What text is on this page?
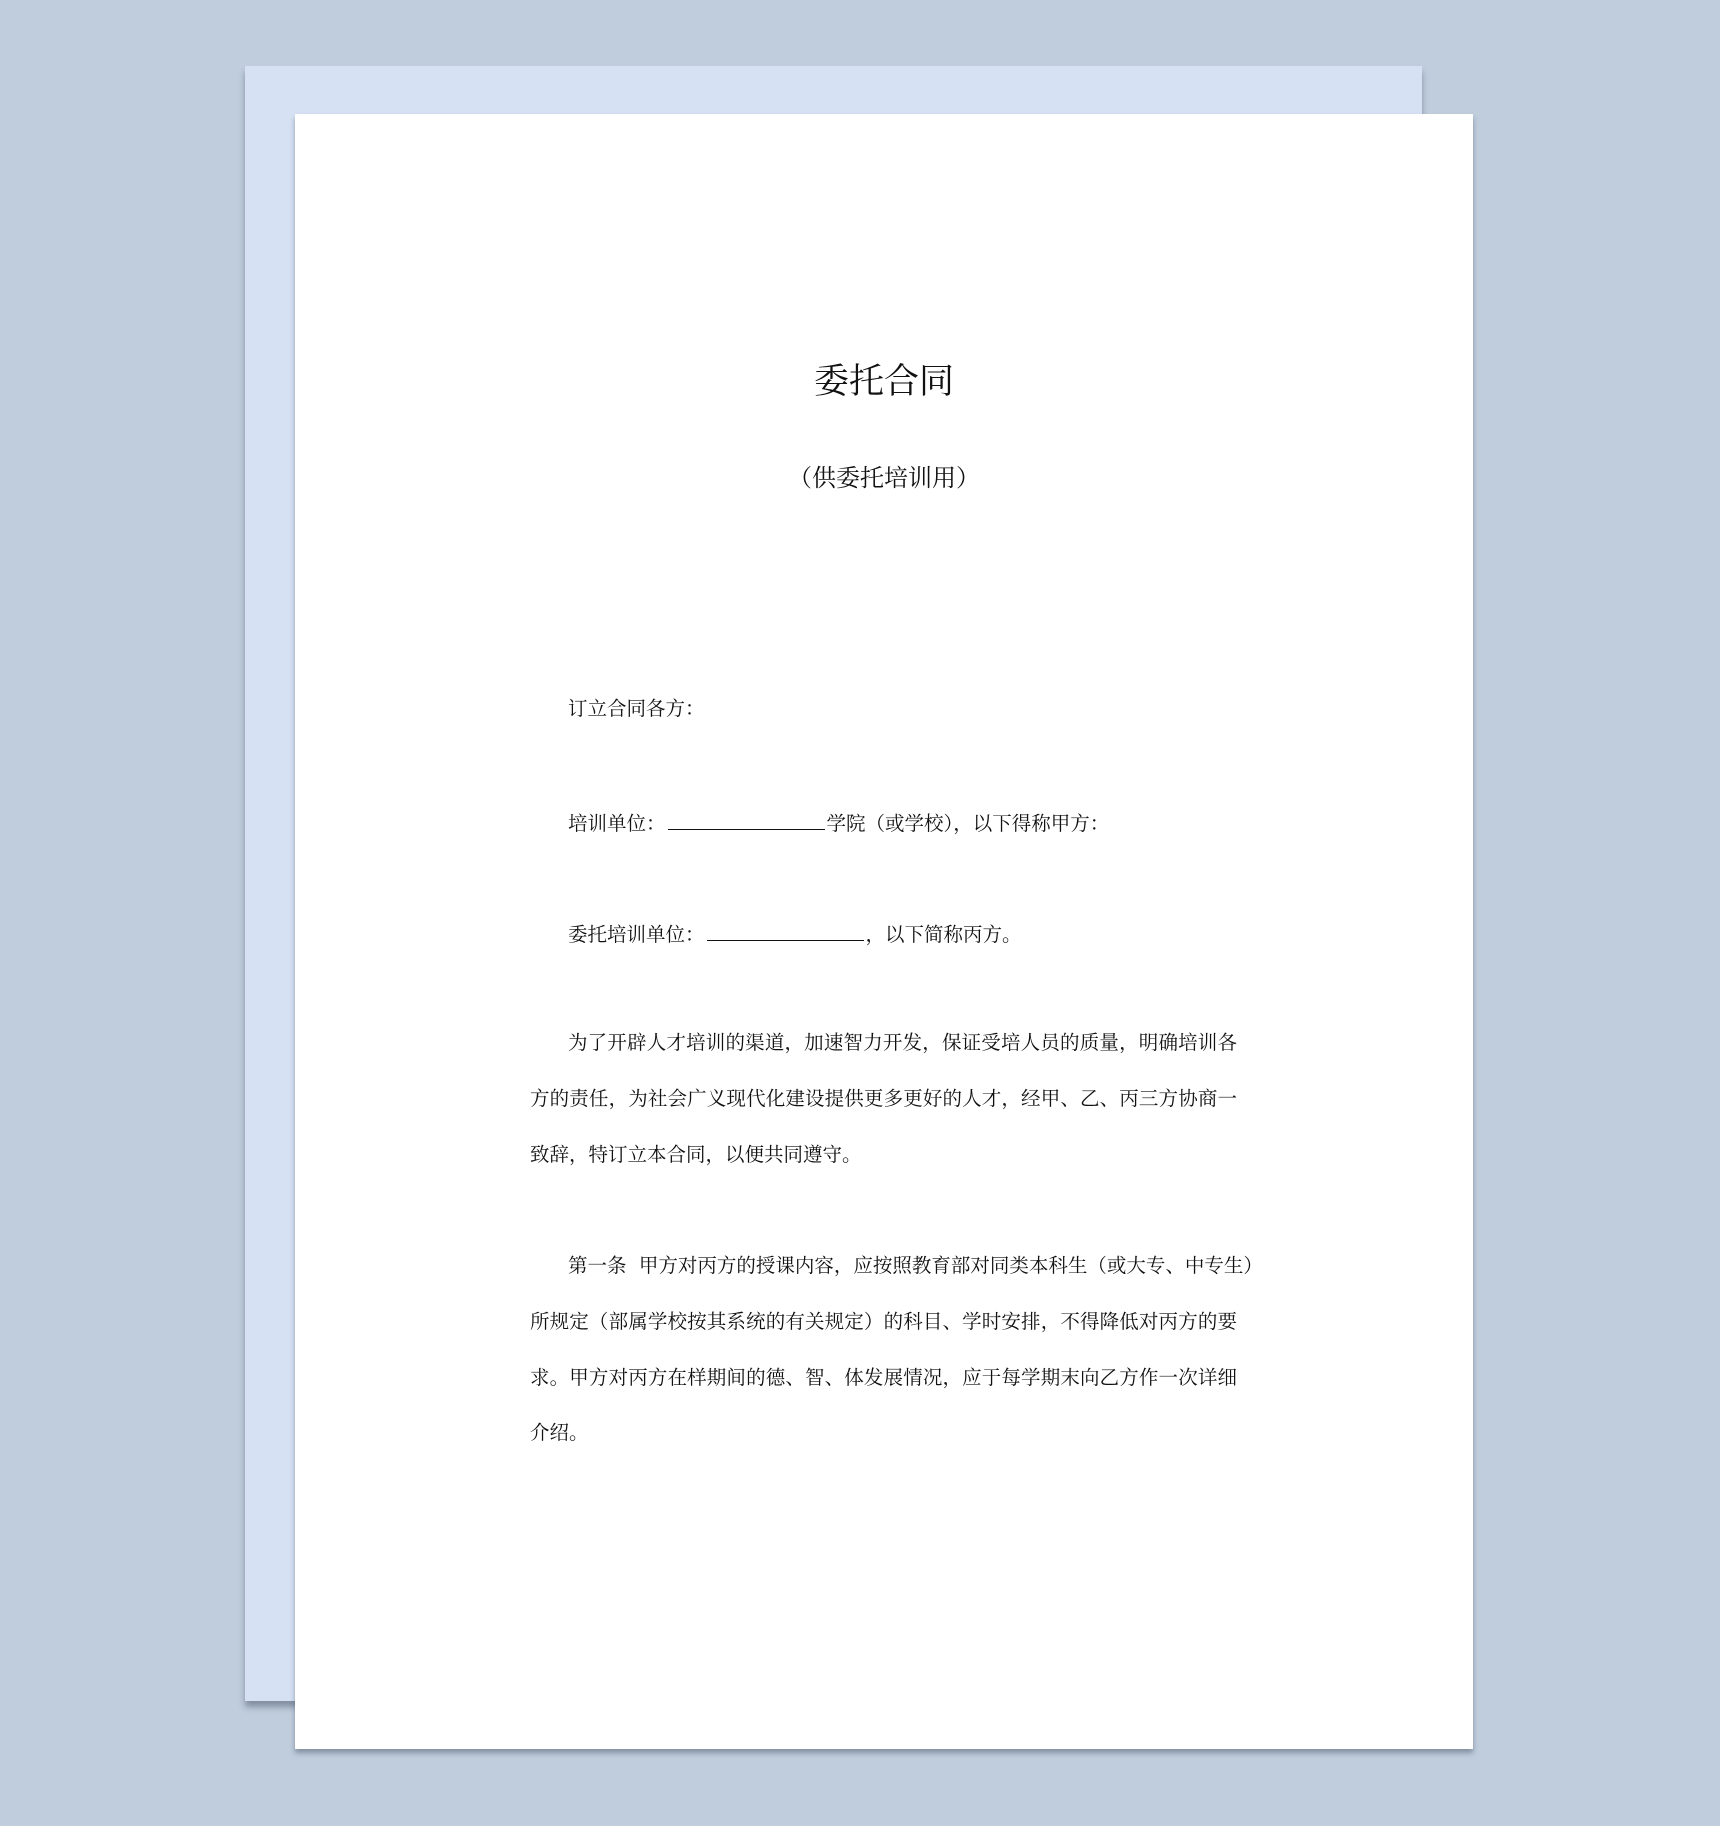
委托合同
（供委托培训用）
订立合同各方：
培训单位：	学院（或学校），以下得称甲方：
委托培训单位：	，以下简称丙方。
为了开辟人才培训的渠道，加速智力开发，保证受培人员的质量，明确培训各
方的责任，为社会广义现代化建设提供更多更好的人才，经甲、乙、丙三方协商一
致辞，特订立本合同，以便共同遵守。
第一条  甲方对丙方的授课内容，应按照教育部对同类本科生（或大专、中专生）
所规定（部属学校按其系统的有关规定）的科目、学时安排，不得降低对丙方的要
求。甲方对丙方在样期间的德、智、体发展情况，应于每学期末向乙方作一次详细
介绍。
